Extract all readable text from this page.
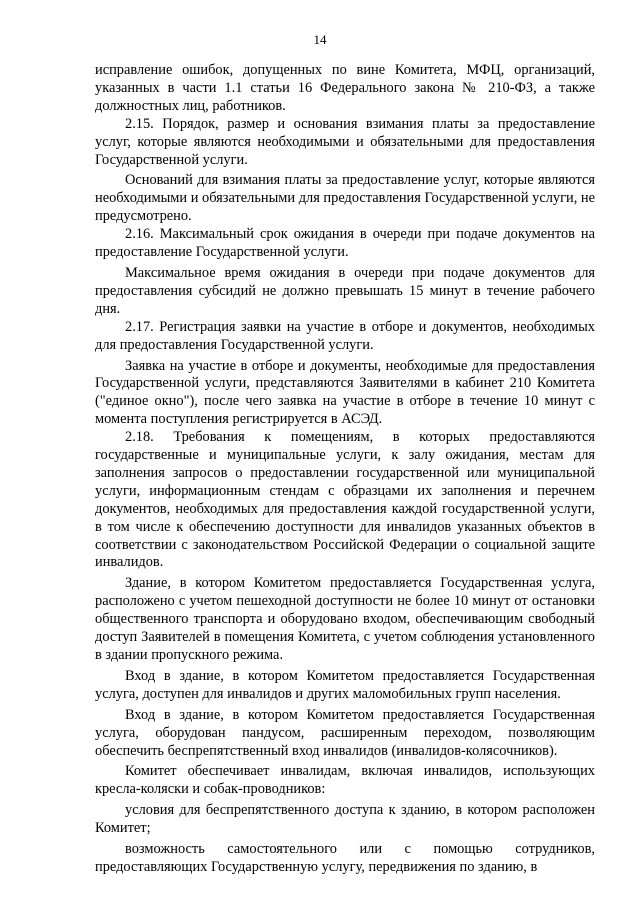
14

исправление ошибок, допущенных по вине Комитета, МФЦ, организаций, указанных в части 1.1 статьи 16 Федерального закона № 210-ФЗ, а также должностных лиц, работников.

2.15. Порядок, размер и основания взимания платы за предоставление услуг, которые являются необходимыми и обязательными для предоставления Государственной услуги.

Оснований для взимания платы за предоставление услуг, которые являются необходимыми и обязательными для предоставления Государственной услуги, не предусмотрено.

2.16. Максимальный срок ожидания в очереди при подаче документов на предоставление Государственной услуги.

Максимальное время ожидания в очереди при подаче документов для предоставления субсидий не должно превышать 15 минут в течение рабочего дня.

2.17. Регистрация заявки на участие в отборе и документов, необходимых для предоставления Государственной услуги.

Заявка на участие в отборе и документы, необходимые для предоставления Государственной услуги, представляются Заявителями в кабинет 210 Комитета ("единое окно"), после чего заявка на участие в отборе в течение 10 минут с момента поступления регистрируется в АСЭД.

2.18. Требования к помещениям, в которых предоставляются государственные и муниципальные услуги, к залу ожидания, местам для заполнения запросов о предоставлении государственной или муниципальной услуги, информационным стендам с образцами их заполнения и перечнем документов, необходимых для предоставления каждой государственной услуги, в том числе к обеспечению доступности для инвалидов указанных объектов в соответствии с законодательством Российской Федерации о социальной защите инвалидов.

Здание, в котором Комитетом предоставляется Государственная услуга, расположено с учетом пешеходной доступности не более 10 минут от остановки общественного транспорта и оборудовано входом, обеспечивающим свободный доступ Заявителей в помещения Комитета, с учетом соблюдения установленного в здании пропускного режима.

Вход в здание, в котором Комитетом предоставляется Государственная услуга, доступен для инвалидов и других маломобильных групп населения.

Вход в здание, в котором Комитетом предоставляется Государственная услуга, оборудован пандусом, расширенным переходом, позволяющим обеспечить беспрепятственный вход инвалидов (инвалидов-колясочников).

Комитет обеспечивает инвалидам, включая инвалидов, использующих кресла-коляски и собак-проводников:

условия для беспрепятственного доступа к зданию, в котором расположен Комитет;

возможность самостоятельного или с помощью сотрудников, предоставляющих Государственную услугу, передвижения по зданию, в
